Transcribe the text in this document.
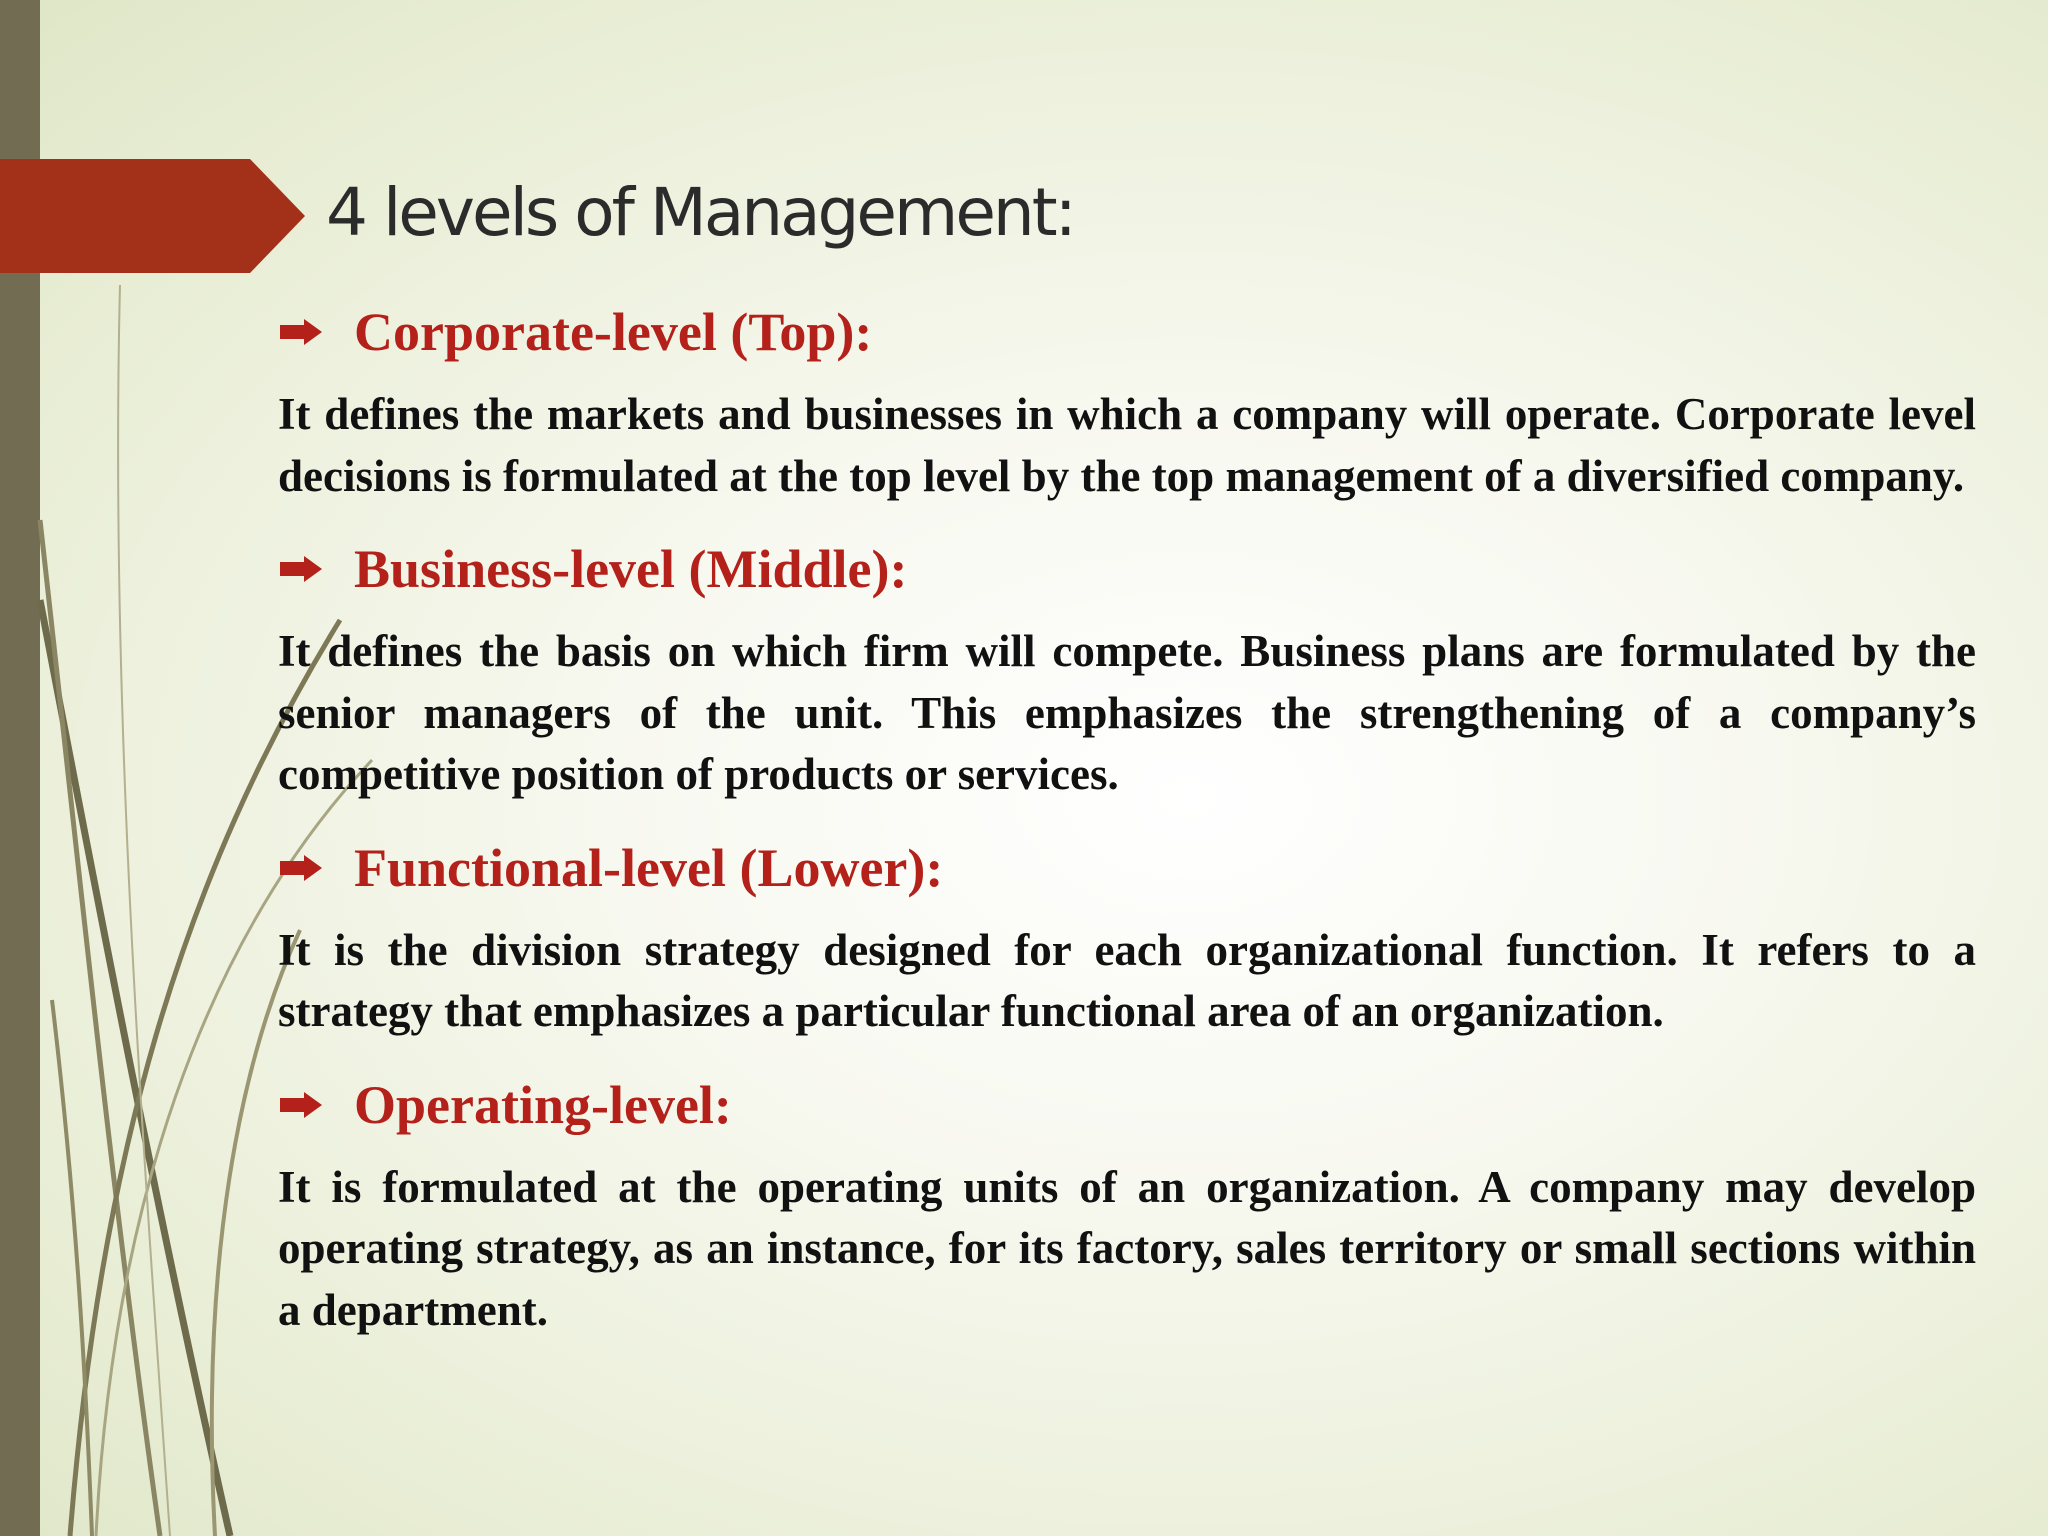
4 levels of Management:
Corporate-level (Top):

It defines the markets and businesses in which a company will operate. Corporate level decisions is formulated at the top level by the top management of a diversified company.

Business-level (Middle):

It defines the basis on which firm will compete. Business plans are formulated by the senior managers of the unit. This emphasizes the strengthening of a company’s competitive position of products or services.

Functional-level (Lower):

It is the division strategy designed for each organizational function. It refers to a strategy that emphasizes a particular functional area of an organization.

Operating-level:

It is formulated at the operating units of an organization. A company may develop operating strategy, as an instance, for its factory, sales territory or small sections within a department.
